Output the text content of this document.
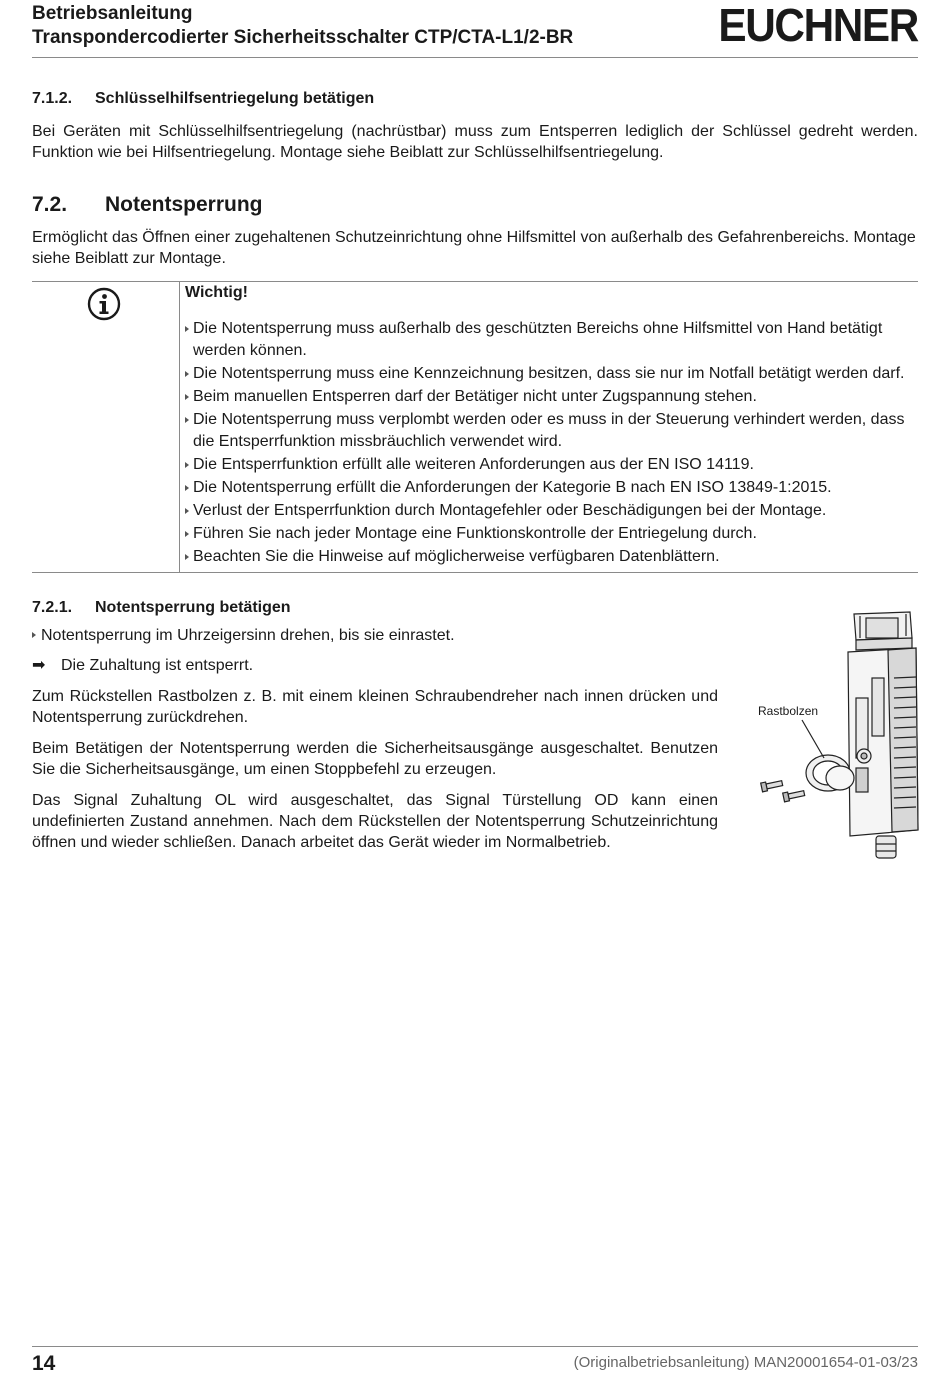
Betriebsanleitung
Transpondercodierter Sicherheitsschalter CTP/CTA-L1/2-BR	EUCHNER
7.1.2. Schlüsselhilfsentriegelung betätigen

Bei Geräten mit Schlüsselhilfsentriegelung (nachrüstbar) muss zum Entsperren lediglich der Schlüssel gedreht werden. Funktion wie bei Hilfsentriegelung. Montage siehe Beiblatt zur Schlüsselhilfsentriegelung.

7.2. Notentsperrung

Ermöglicht das Öffnen einer zugehaltenen Schutzeinrichtung ohne Hilfsmittel von außerhalb des Gefahrenbereichs. Montage siehe Beiblatt zur Montage.

Wichtig!
Die Notentsperrung muss außerhalb des geschützten Bereichs ohne Hilfsmittel von Hand betätigt werden können.
Die Notentsperrung muss eine Kennzeichnung besitzen, dass sie nur im Notfall betätigt werden darf.
Beim manuellen Entsperren darf der Betätiger nicht unter Zugspannung stehen.
Die Notentsperrung muss verplombt werden oder es muss in der Steuerung verhindert werden, dass die Entsperrfunktion missbräuchlich verwendet wird.
Die Entsperrfunktion erfüllt alle weiteren Anforderungen aus der EN ISO 14119.
Die Notentsperrung erfüllt die Anforderungen der Kategorie B nach EN ISO 13849-1:2015.
Verlust der Entsperrfunktion durch Montagefehler oder Beschädigungen bei der Montage.
Führen Sie nach jeder Montage eine Funktionskontrolle der Entriegelung durch.
Beachten Sie die Hinweise auf möglicherweise verfügbaren Datenblättern.
7.2.1. Notentsperrung betätigen
Notentsperrung im Uhrzeigersinn drehen, bis sie einrastet.
➡ Die Zuhaltung ist entsperrt.

Zum Rückstellen Rastbolzen z. B. mit einem kleinen Schraubendreher nach innen drücken und Notentsperrung zurückdrehen.

Beim Betätigen der Notentsperrung werden die Sicherheitsausgänge ausgeschaltet. Benutzen Sie die Sicherheitsausgänge, um einen Stoppbefehl zu erzeugen.

Das Signal Zuhaltung OL wird ausgeschaltet, das Signal Türstellung OD kann einen undefinierten Zustand annehmen. Nach dem Rückstellen der Notentsperrung Schutzeinrichtung öffnen und wieder schließen. Danach arbeitet das Gerät wieder im Normalbetrieb.

Rastbolzen
14	(Originalbetriebsanleitung) MAN20001654-01-03/23
